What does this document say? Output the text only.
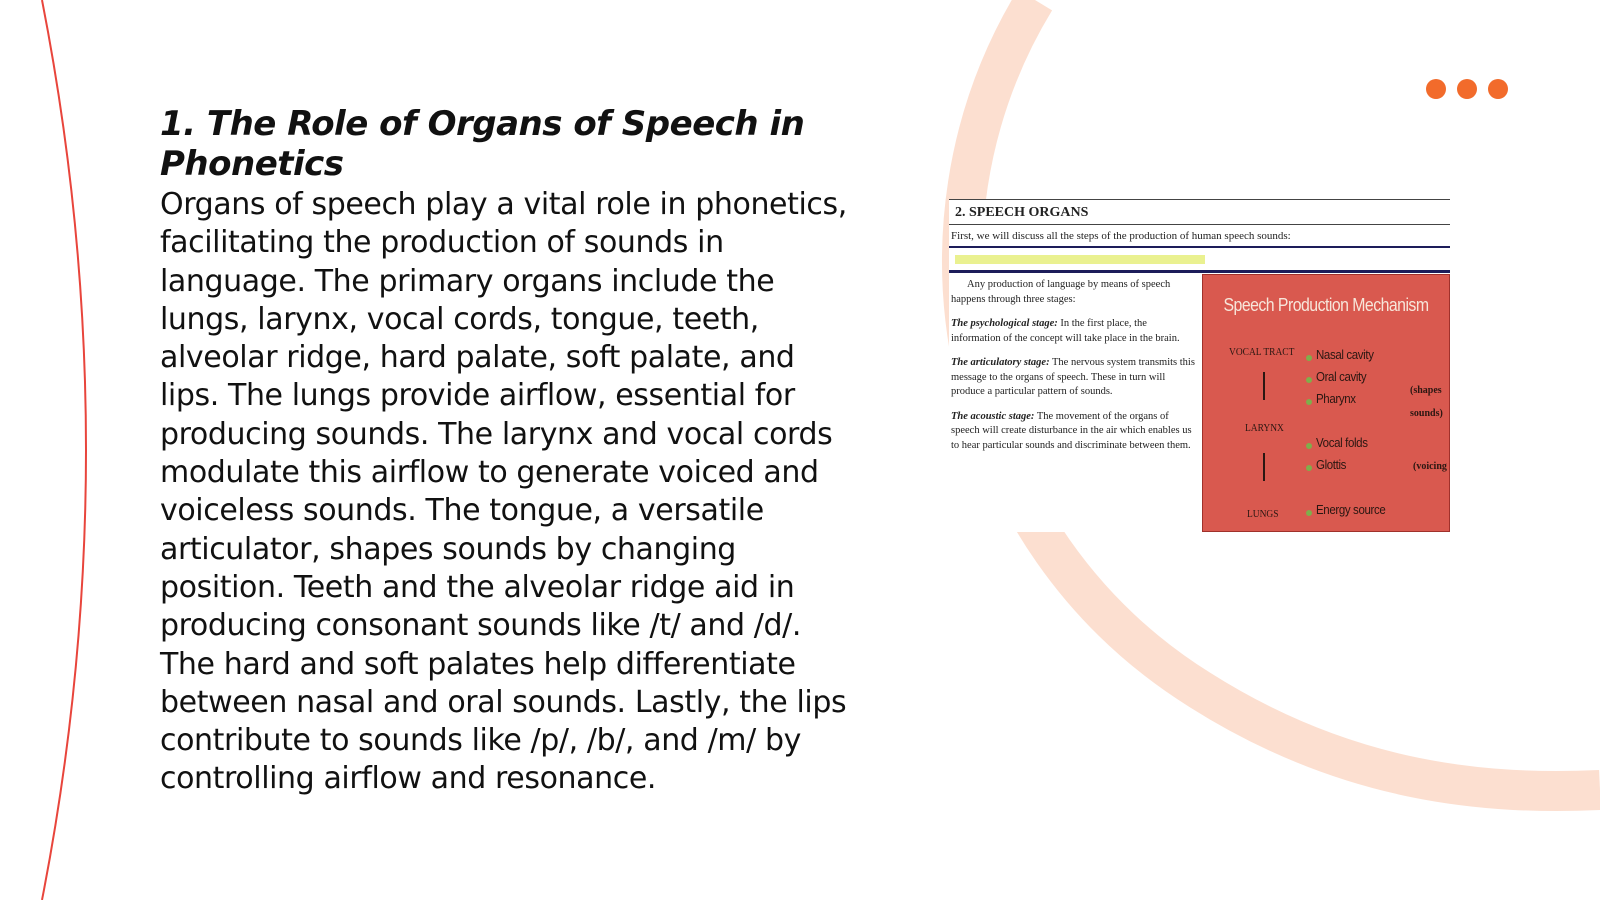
1. The Role of Organs of Speech in Phonetics

Organs of speech play a vital role in phonetics, facilitating the production of sounds in language. The primary organs include the lungs, larynx, vocal cords, tongue, teeth, alveolar ridge, hard palate, soft palate, and lips. The lungs provide airflow, essential for producing sounds. The larynx and vocal cords modulate this airflow to generate voiced and voiceless sounds. The tongue, a versatile articulator, shapes sounds by changing position. Teeth and the alveolar ridge aid in producing consonant sounds like /t/ and /d/. The hard and soft palates help differentiate between nasal and oral sounds. Lastly, the lips contribute to sounds like /p/, /b/, and /m/ by controlling airflow and resonance.

2. SPEECH ORGANS
First, we will discuss all the steps of the production of human speech sounds:

Any production of language by means of speech happens through three stages:

The psychological stage: In the first place, the information of the concept will take place in the brain.

The articulatory stage: The nervous system transmits this message to the organs of speech. These in turn will produce a particular pattern of sounds.

The acoustic stage: The movement of the organs of speech will create disturbance in the air which enables us to hear particular sounds and discriminate between them.

Speech Production Mechanism
VOCAL TRACT
LARYNX
LUNGS
Nasal cavity
Oral cavity
Pharynx
Vocal folds
Glottis
Energy source
(shapes
sounds)
(voicing
